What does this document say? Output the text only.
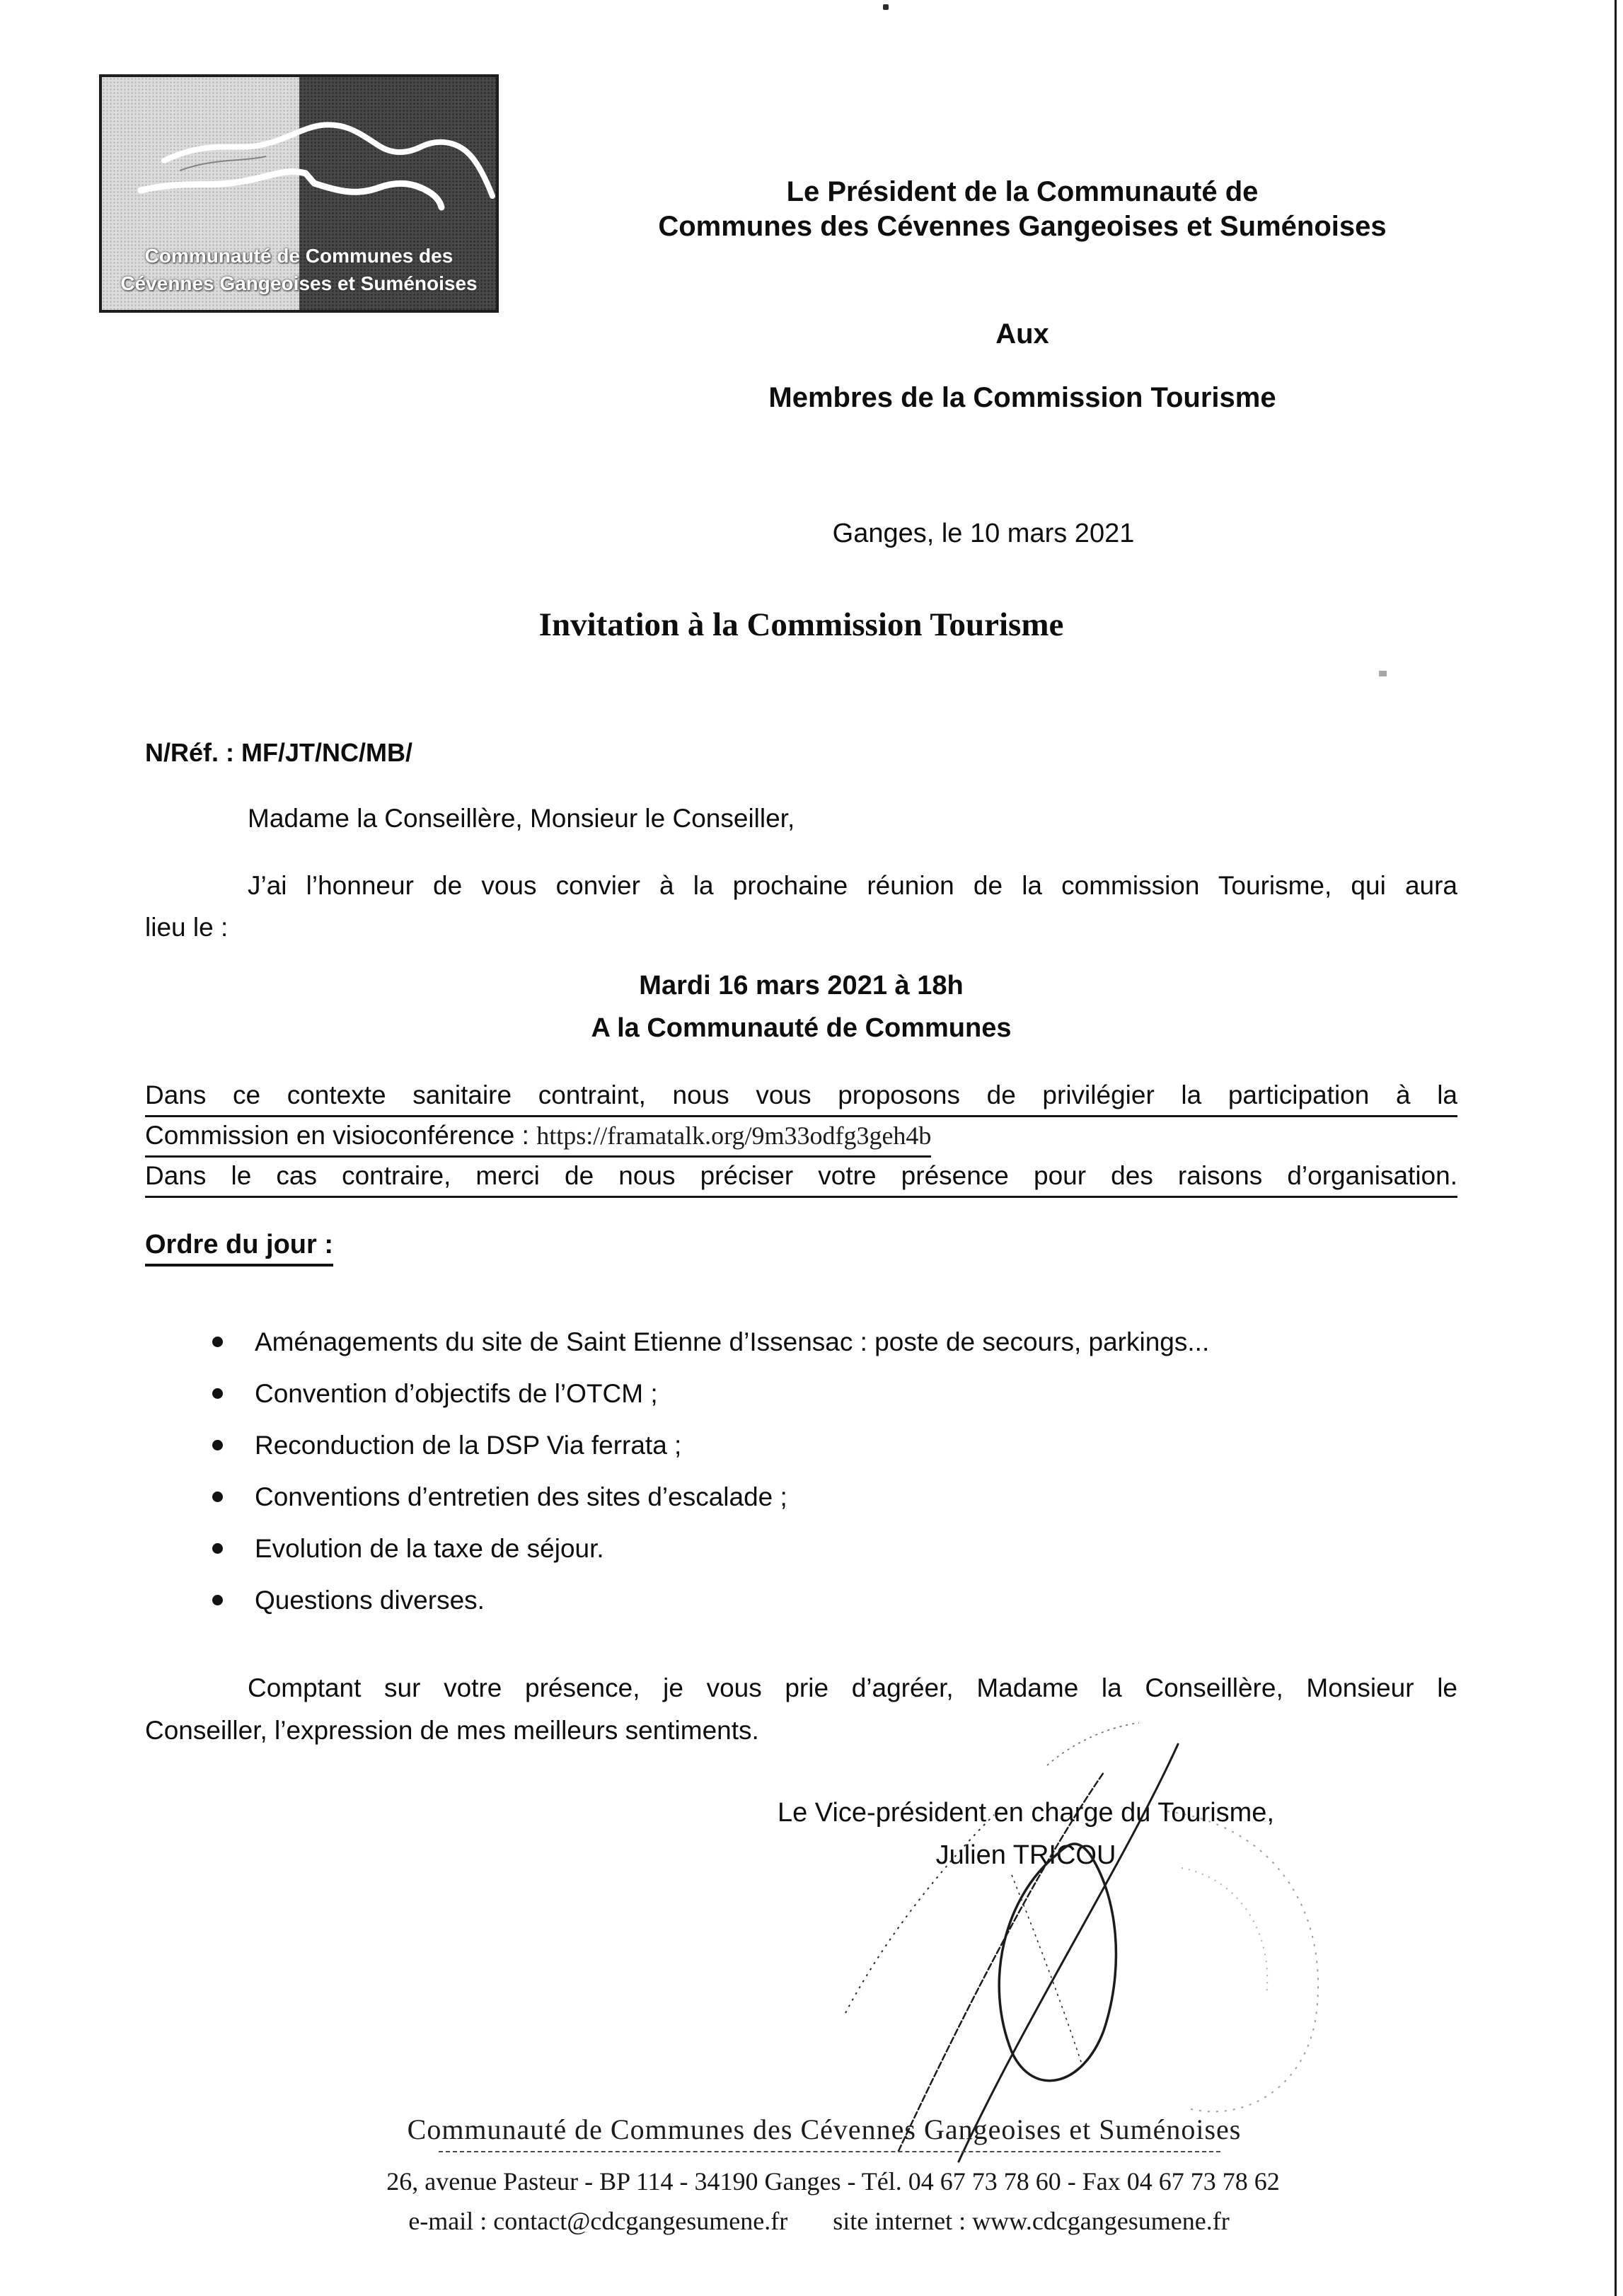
Communauté de Communes des
Cévennes Gangeoises et Suménoises
Le Président de la Communauté de
Communes des Cévennes Gangeoises et Suménoises
Aux
Membres de la Commission Tourisme
Ganges, le 10 mars 2021
Invitation à la Commission Tourisme
N/Réf. : MF/JT/NC/MB/
Madame la Conseillère, Monsieur le Conseiller,
J’ai l’honneur de vous convier à la prochaine réunion de la commission Tourisme, qui aura
lieu le :
Mardi 16 mars 2021 à 18h
A la Communauté de Communes
Dans ce contexte sanitaire contraint, nous vous proposons de privilégier la participation à la
Commission en visioconférence : https://framatalk.org/9m33odfg3geh4b
Dans le cas contraire, merci de nous préciser votre présence pour des raisons d’organisation.
Ordre du jour :
Aménagements du site de Saint Etienne d’Issensac : poste de secours, parkings...
Convention d’objectifs de l’OTCM ;
Reconduction de la DSP Via ferrata ;
Conventions d’entretien des sites d’escalade ;
Evolution de la taxe de séjour.
Questions diverses.
Comptant sur votre présence, je vous prie d’agréer, Madame la Conseillère, Monsieur le
Conseiller, l’expression de mes meilleurs sentiments.
Le Vice-président en charge du Tourisme,
Julien TRICOU
Communauté de Communes des Cévennes Gangeoises et Suménoises
26, avenue Pasteur - BP 114 - 34190 Ganges - Tél. 04 67 73 78 60 - Fax 04 67 73 78 62
e-mail : contact@cdcgangesumene.fr site internet : www.cdcgangesumene.fr
